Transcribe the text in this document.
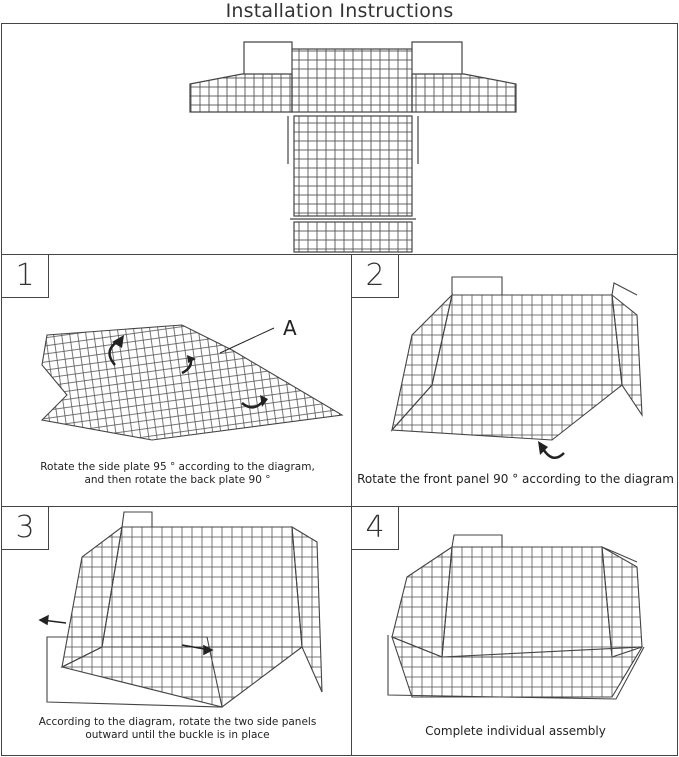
Installation Instructions
1
A
Rotate the side plate 95 ° according to the diagram,
and then rotate the back plate 90 °
2
Rotate the front panel 90 ° according to the diagram
3
According to the diagram, rotate the two side panels
outward until the buckle is in place
4
Complete individual assembly
